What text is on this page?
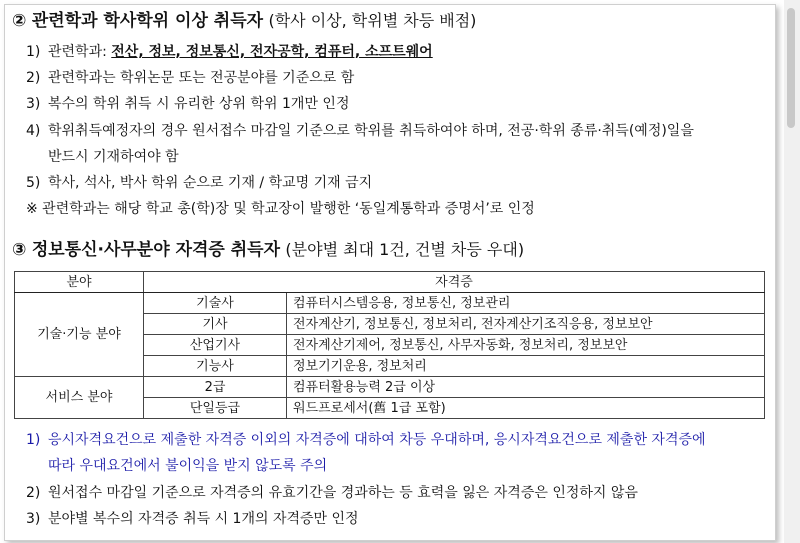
② 관련학과 학사학위 이상 취득자 (학사 이상, 학위별 차등 배점)
1) 관련학과: 전산, 정보, 정보통신, 전자공학, 컴퓨터, 소프트웨어
2) 관련학과는 학위논문 또는 전공분야를 기준으로 함
3) 복수의 학위 취득 시 유리한 상위 학위 1개만 인정
4) 학위취득예정자의 경우 원서접수 마감일 기준으로 학위를 취득하여야 하며, 전공·학위 종류·취득(예정)일을
반드시 기재하여야 함
5) 학사, 석사, 박사 학위 순으로 기재 / 학교명 기재 금지
※ 관련학과는 해당 학교 총(학)장 및 학교장이 발행한 ‘동일계통학과 증명서’로 인정
③ 정보통신·사무분야 자격증 취득자 (분야별 최대 1건, 건별 차등 우대)
분야	자격증	
기술·기능 분야	기술사	컴퓨터시스템응용, 정보통신, 정보관리
	기사	전자계산기, 정보통신, 정보처리, 전자계산기조직응용, 정보보안
	산업기사	전자계산기제어, 정보통신, 사무자동화, 정보처리, 정보보안
	기능사	정보기기운용, 정보처리
서비스 분야	2급	컴퓨터활용능력 2급 이상
	단일등급	워드프로세서(舊 1급 포함)
1) 응시자격요건으로 제출한 자격증 이외의 자격증에 대하여 차등 우대하며, 응시자격요건으로 제출한 자격증에
따라 우대요건에서 불이익을 받지 않도록 주의
2) 원서접수 마감일 기준으로 자격증의 유효기간을 경과하는 등 효력을 잃은 자격증은 인정하지 않음
3) 분야별 복수의 자격증 취득 시 1개의 자격증만 인정
